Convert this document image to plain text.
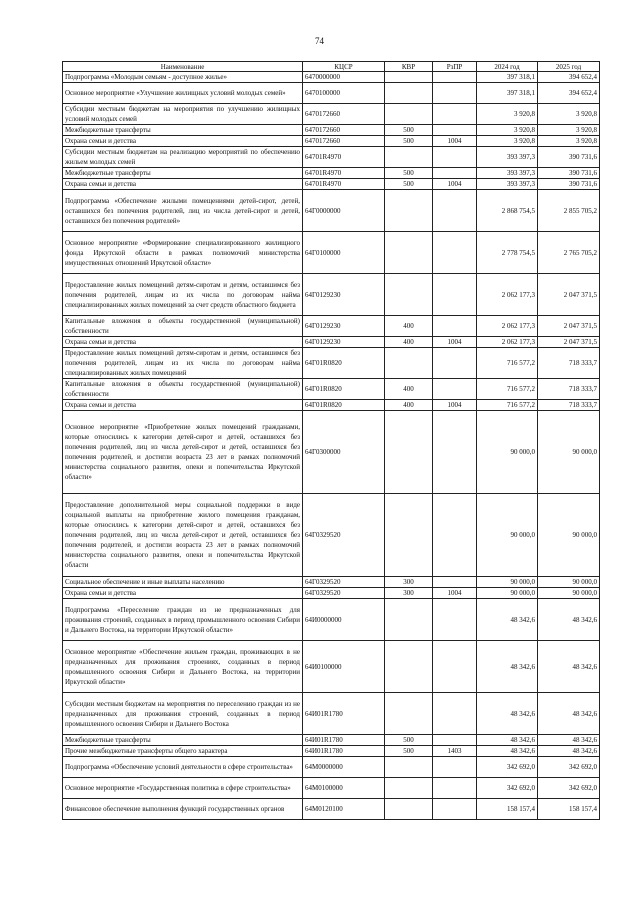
74
Наименование	КЦСР	КВР	РзПР	2024 год	2025 год
Подпрограмма «Молодым семьям - доступное жилье»	6470000000			397 318,1	394 652,4
Основное мероприятие «Улучшение жилищных условий молодых семей»	6470100000			397 318,1	394 652,4
Субсидии местным бюджетам на мероприятия по улучшению жилищных условий молодых семей	6470172660			3 920,8	3 920,8
Межбюджетные трансферты	6470172660	500		3 920,8	3 920,8
Охрана семьи и детства	6470172660	500	1004	3 920,8	3 920,8
Субсидии местным бюджетам на реализацию мероприятий по обеспечению жильем молодых семей	64701R4970			393 397,3	390 731,6
Межбюджетные трансферты	64701R4970	500		393 397,3	390 731,6
Охрана семьи и детства	64701R4970	500	1004	393 397,3	390 731,6
Подпрограмма «Обеспечение жилыми помещениями детей-сирот, детей, оставшихся без попечения родителей, лиц из числа детей-сирот и детей, оставшихся без попечения родителей»	64Г0000000			2 868 754,5	2 855 705,2
Основное мероприятие «Формирование специализированного жилищного фонда Иркутской области в рамках полномочий министерства имущественных отношений Иркутской области»	64Г0100000			2 778 754,5	2 765 705,2
Предоставление жилых помещений детям-сиротам и детям, оставшимся без попечения родителей, лицам из их числа по договорам найма специализированных жилых помещений за счет средств областного бюджета	64Г0129230			2 062 177,3	2 047 371,5
Капитальные вложения в объекты государственной (муниципальной) собственности	64Г0129230	400		2 062 177,3	2 047 371,5
Охрана семьи и детства	64Г0129230	400	1004	2 062 177,3	2 047 371,5
Предоставление жилых помещений детям-сиротам и детям, оставшимся без попечения родителей, лицам из их числа по договорам найма специализированных жилых помещений	64Г01R0820			716 577,2	718 333,7
Капитальные вложения в объекты государственной (муниципальной) собственности	64Г01R0820	400		716 577,2	718 333,7
Охрана семьи и детства	64Г01R0820	400	1004	716 577,2	718 333,7
Основное мероприятие «Приобретение жилых помещений гражданами, которые относились к категории детей-сирот и детей, оставшихся без попечения родителей, лиц из числа детей-сирот и детей, оставшихся без попечения родителей, и достигли возраста 23 лет в рамках полномочий министерства социального развития, опеки и попечительства Иркутской области»	64Г0300000			90 000,0	90 000,0
Предоставление дополнительной меры социальной поддержки в виде социальной выплаты на приобретение жилого помещения гражданам, которые относились к категории детей-сирот и детей, оставшихся без попечения родителей, лиц из числа детей-сирот и детей, оставшихся без попечения родителей, и достигли возраста 23 лет в рамках полномочий министерства социального развития, опеки и попечительства Иркутской области	64Г0329520			90 000,0	90 000,0
Социальное обеспечение и иные выплаты населению	64Г0329520	300		90 000,0	90 000,0
Охрана семьи и детства	64Г0329520	300	1004	90 000,0	90 000,0
Подпрограмма «Переселение граждан из не предназначенных для проживания строений, созданных в период промышленного освоения Сибири и Дальнего Востока, на территории Иркутской области»	64И0000000			48 342,6	48 342,6
Основное мероприятие «Обеспечение жильем граждан, проживающих в не предназначенных для проживания строениях, созданных в период промышленного освоения Сибири и Дальнего Востока, на территории Иркутской области»	64И0100000			48 342,6	48 342,6
Субсидии местным бюджетам на мероприятия по переселению граждан из не предназначенных для проживания строений, созданных в период промышленного освоения Сибири и Дальнего Востока	64И01R1780			48 342,6	48 342,6
Межбюджетные трансферты	64И01R1780	500		48 342,6	48 342,6
Прочие межбюджетные трансферты общего характера	64И01R1780	500	1403	48 342,6	48 342,6
Подпрограмма «Обеспечение условий деятельности в сфере строительства»	64М0000000			342 692,0	342 692,0
Основное мероприятие «Государственная политика в сфере строительства»	64М0100000			342 692,0	342 692,0
Финансовое обеспечение выполнения функций государственных органов	64М0120100			158 157,4	158 157,4
